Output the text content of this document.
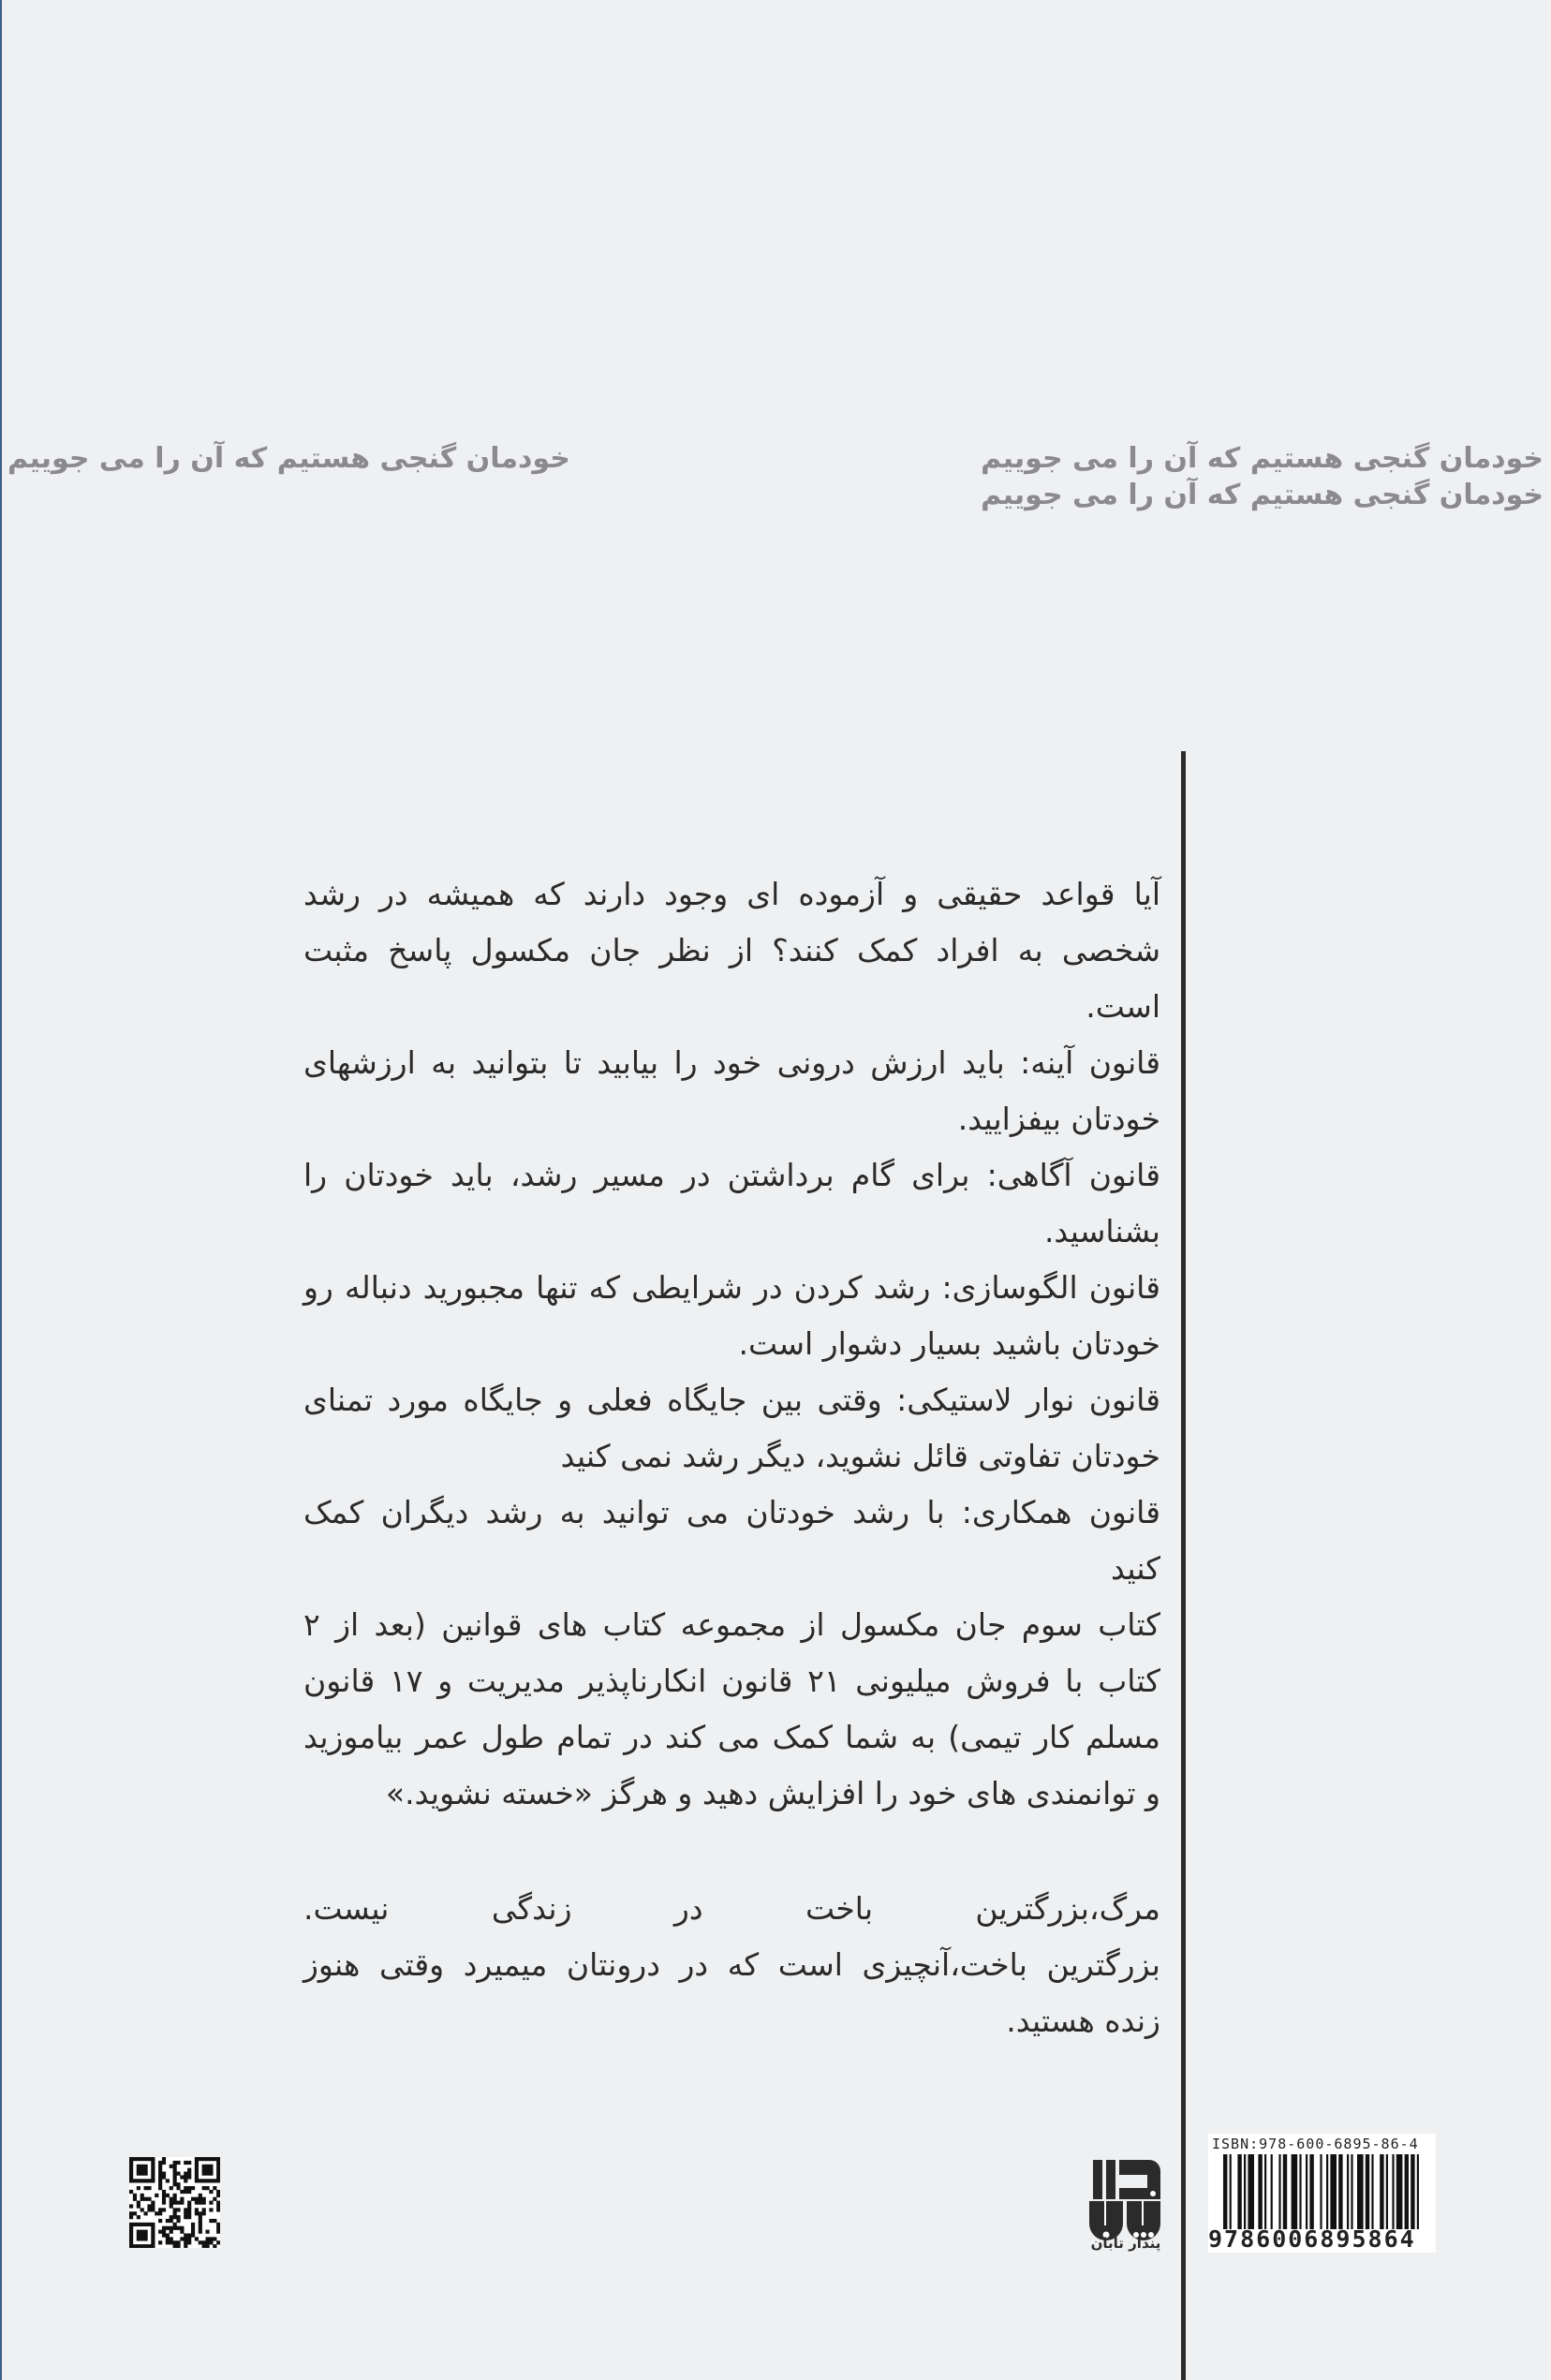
خودمان گنجی هستیم که آن را می جوییم
خودمان گنجی هستیم که آن را می جوییم
خودمان گنجی هستیم که آن را می جوییم
آیا قواعد حقیقی و آزموده ای وجود دارند که همیشه در رشد
شخصی به افراد کمک کنند؟ از نظر جان مکسول پاسخ مثبت
است.
قانون آینه: باید ارزش درونی خود را بیابید تا بتوانید به ارزشهای
خودتان بیفزایید.
قانون آگاهی: برای گام برداشتن در مسیر رشد، باید خودتان را
بشناسید.
قانون الگوسازی: رشد کردن در شرایطی که تنها مجبورید دنباله رو
خودتان باشید بسیار دشوار است.
قانون نوار لاستیکی: وقتی بین جایگاه فعلی و جایگاه مورد تمنای
خودتان تفاوتی قائل نشوید، دیگر رشد نمی کنید
قانون همکاری: با رشد خودتان می توانید به رشد دیگران کمک
کنید
کتاب سوم جان مکسول از مجموعه کتاب های قوانین (بعد از ۲
کتاب با فروش میلیونی ۲۱ قانون انکارناپذیر مدیریت و ۱۷ قانون
مسلم کار تیمی) به شما کمک می کند در تمام طول عمر بیاموزید
و توانمندی های خود را افزایش دهید و هرگز «خسته نشوید.»
مرگ،بزرگترین باخت در زندگی نیست.
بزرگترین باخت،آنچیزی است که در درونتان میمیرد وقتی هنوز
زنده هستید.
پندار تابان
ISBN:978-600-6895-86-4
9786006895864
